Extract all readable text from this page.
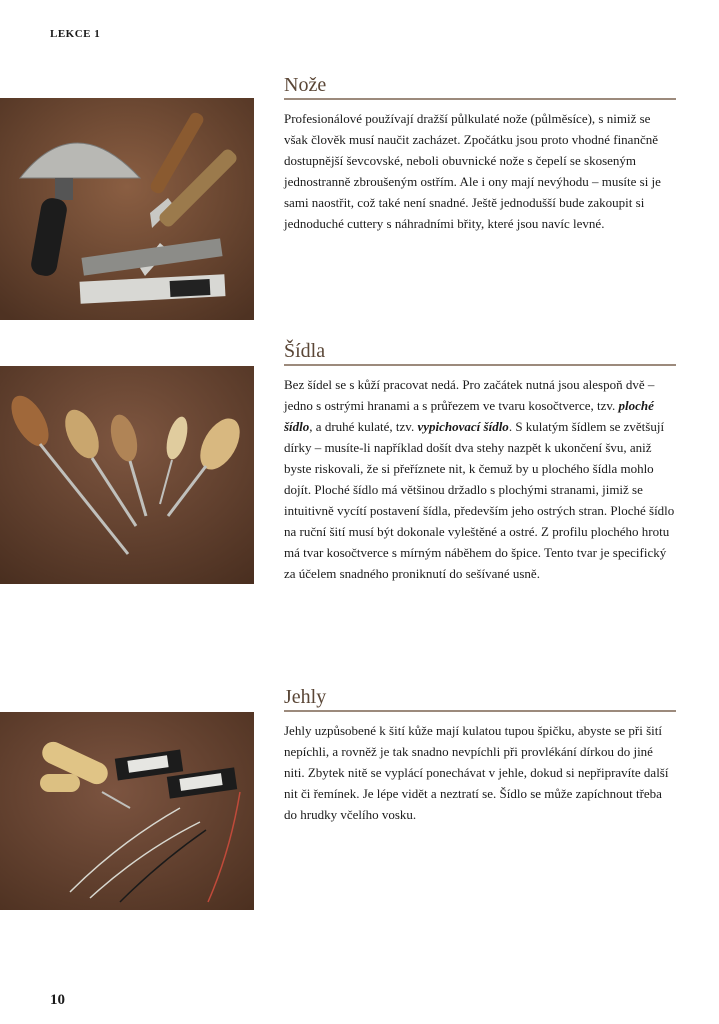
LEKCE 1
Nože

Profesionálové používají dražší půlkulaté nože (půlměsíce), s nimiž se však člověk musí naučit zacházet. Zpočátku jsou proto vhodné finančně dostupnější ševcovské, neboli obuvnické nože s čepelí se skoseným jednostranně zbroušeným ostřím. Ale i ony mají nevýhodu – musíte si je sami naostřit, což také není snadné. Ještě jednodušší bude zakoupit si jednoduché cuttery s náhradními břity, které jsou navíc levné.

Šídla

Bez šídel se s kůží pracovat nedá. Pro začátek nutná jsou alespoň dvě – jedno s ostrými hranami a s průřezem ve tvaru kosočtverce, tzv. ploché šídlo, a druhé kulaté, tzv. vypichovací šídlo. S kulatým šídlem se zvětšují dírky – musíte-li například došít dva stehy nazpět k ukončení švu, aniž byste riskovali, že si přeříznete nit, k čemuž by u plochého šídla mohlo dojít. Ploché šídlo má většinou držadlo s plochými stranami, jimiž se intuitivně vycítí postavení šídla, především jeho ostrých stran. Ploché šídlo na ruční šití musí být dokonale vyleštěné a ostré. Z profilu plochého hrotu má tvar kosočtverce s mírným náběhem do špice. Tento tvar je specifický za účelem snadného proniknutí do sešívané usně.

Jehly

Jehly uzpůsobené k šití kůže mají kulatou tupou špičku, abyste se při šití nepíchli, a rovněž je tak snadno nevpíchli při provlékání dírkou do jiné niti. Zbytek nitě se vyplácí ponechávat v jehle, dokud si nepřipravíte další nit či řemínek. Je lépe vidět a neztratí se. Šídlo se může zapíchnout třeba do hrudky včelího vosku.

10
